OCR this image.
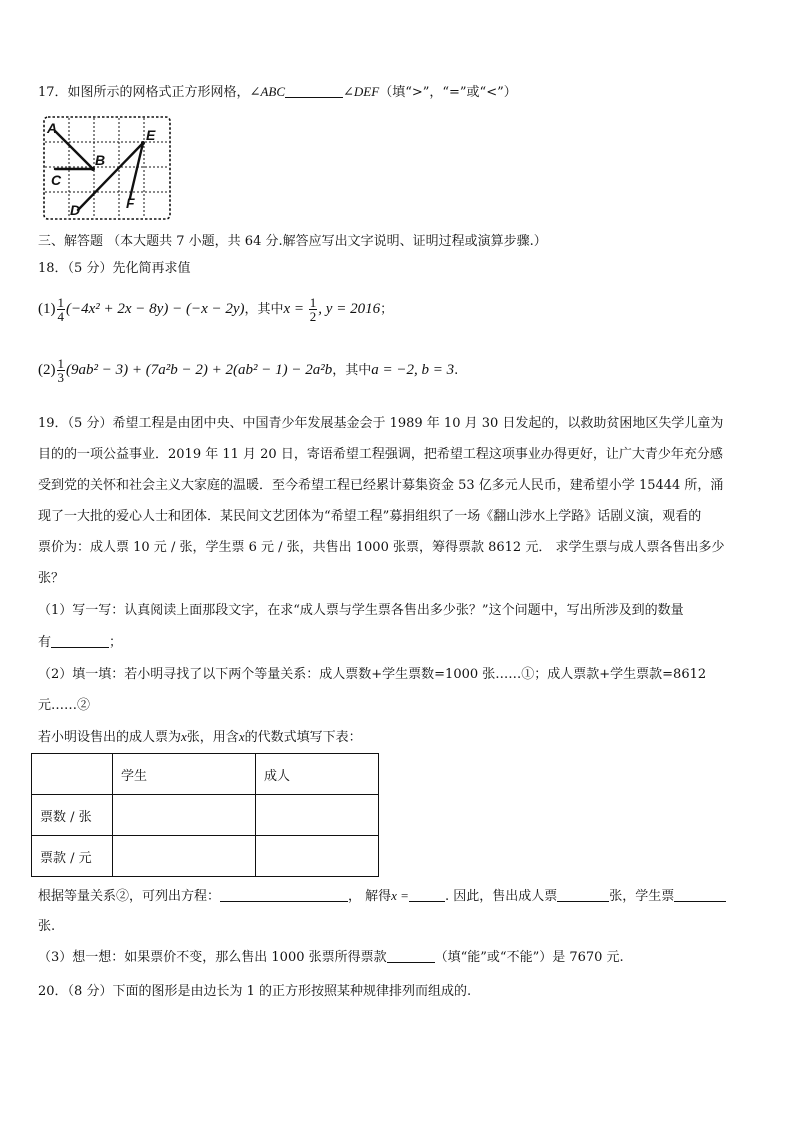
17．如图所示的网格式正方形网格，∠ABC	∠DEF（填“>”，“=”或“<”）
A
B
C
D
E
F
三、解答题 （本大题共 7 小题，共 64 分.解答应写出文字说明、证明过程或演算步骤.）
18．（5 分）先化简再求值
$(1) \frac{1}{4} (-4x^2 + 2x - 8y) - (-x - 2y)$，其中$x = \frac{1}{2}$ , y = 2016；
$(2) \frac{1}{3} (9ab^2 - 3) + (7a^2b - 2) + 2(ab^2 - 1) - 2a^2b$，其中a = −2, b = 3.
19．（5 分）希望工程是由团中央、中国青少年发展基金会于 1989 年 10 月 30 日发起的，以救助贫困地区失学儿童为
目的的一项公益事业．2019 年 11 月 20 日，寄语希望工程强调，把希望工程这项事业办得更好，让广大青少年充分感
受到党的关怀和社会主义大家庭的温暖．至今希望工程已经累计募集资金 53 亿多元人民币，建希望小学 15444 所，涌
现了一大批的爱心人士和团体．某民间文艺团体为“希望工程”募捐组织了一场《翻山涉水上学路》话剧义演，观看的
票价为：成人票 10 元 / 张，学生票 6 元 / 张，共售出 1000 张票，筹得票款 8612 元． 求学生票与成人票各售出多少
张？
（1）写一写：认真阅读上面那段文字，在求“成人票与学生票各售出多少张？”这个问题中，写出所涉及到的数量
有	；
（2）填一填：若小明寻找了以下两个等量关系：成人票数+学生票数=1000 张……①；成人票款+学生票款=8612
元……②
若小明设售出的成人票为x张，用含x的代数式填写下表：
	学生	成人
票数 / 张		
票款 / 元		
根据等量关系②，可列出方程：	， 解得x =	. 因此，售出成人票	张，学生票
张.
（3）想一想：如果票价不变，那么售出 1000 张票所得票款	（填“能”或“不能”）是 7670 元.
20．（8 分）下面的图形是由边长为 1 的正方形按照某种规律排列而组成的.
